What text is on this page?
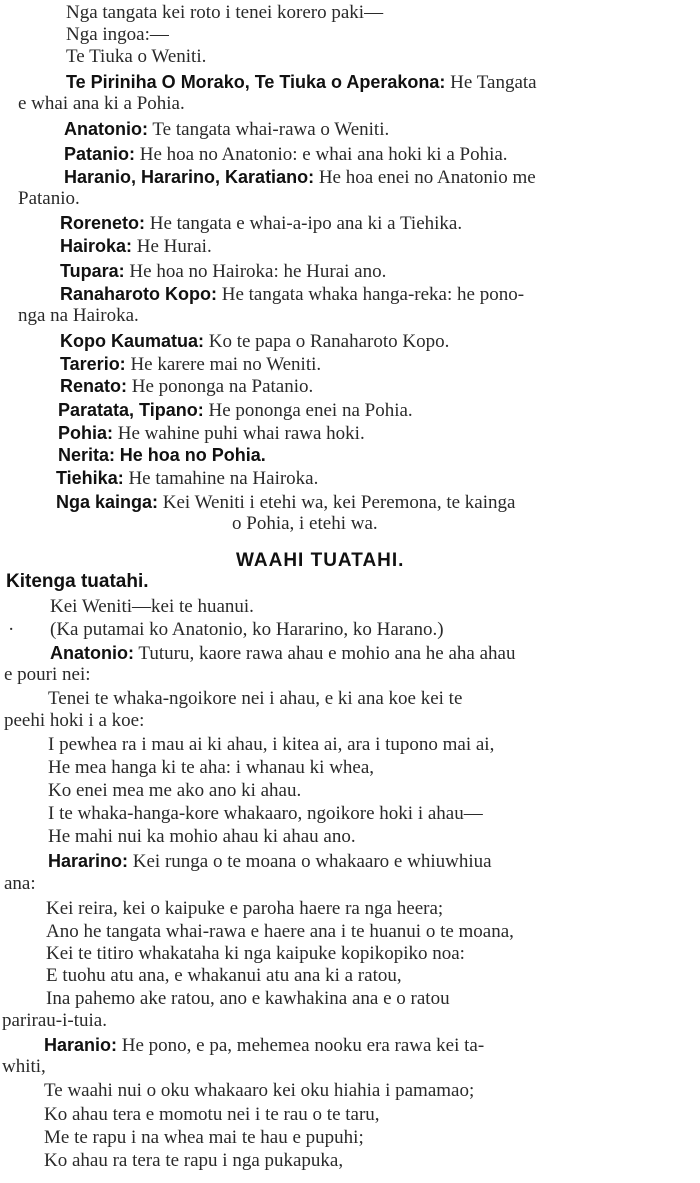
Nga tangata kei roto i tenei korero paki—
Nga ingoa:—
Te Tiuka o Weniti.
Te Piriniha O Morako, Te Tiuka o Aperakona: He Tangata
e whai ana ki a Pohia.
Anatonio: Te tangata whai-rawa o Weniti.
Patanio: He hoa no Anatonio: e whai ana hoki ki a Pohia.
Haranio, Hararino, Karatiano: He hoa enei no Anatonio me
Patanio.
Roreneto: He tangata e whai-a-ipo ana ki a Tiehika.
Hairoka: He Hurai.
Tupara: He hoa no Hairoka: he Hurai ano.
Ranaharoto Kopo: He tangata whaka hanga-reka: he pono-
nga na Hairoka.
Kopo Kaumatua: Ko te papa o Ranaharoto Kopo.
Tarerio: He karere mai no Weniti.
Renato: He ponongа na Patanio.
Paratata, Tipano: He pononga enei na Pohia.
Pohia: He wahine puhi whai rawa hoki.
Nerita: He hoa no Pohia.
Tiehika: He tamahine na Hairoka.
Nga kainga: Kei Weniti i etehi wa, kei Peremona, te kainga
o Pohia, i etehi wa.
WAAHI TUATAHI.
Kitenga tuatahi.
Kei Weniti—kei te huanui.
· (Ka putamai ko Anatonio, ko Hararino, ko Harano.)
Anatonio: Tuturu, kaore rawa ahau e mohio ana he aha ahau
e pouri nei:
Tenei te whaka-ngoikore nei i ahau, e ki ana koe kei te
peehi hoki i a koe:
I pewhea ra i mau ai ki ahau, i kitea ai, ara i tupono mai ai,
He mea hanga ki te aha: i whanau ki whea,
Ko enei mea me ako ano ki ahau.
I te whaka-hanga-kore whakaaro, ngoikore hoki i ahau—
He mahi nui ka mohio ahau ki ahau ano.
Hararino: Kei runga o te moana o whakaaro e whiuwhiua
ana:
Kei reira, kei o kaipuke e paroha haere ra nga heera;
Ano he tangata whai-rawa e haere ana i te huanui o te moana,
Kei te titiro whakataha ki nga kaipuke kopikopiko noa:
E tuohu atu ana, e whakanui atu ana ki a ratou,
Ina pahemo ake ratou, ano e kawhakina ana e o ratou
parirau-i-tuia.
Haranio: He pono, e pa, mehemea nooku era rawa kei ta-
whiti,
Te waahi nui o oku whakaaro kei oku hiahia i pamamao;
Ko ahau tera e momotu nei i te rau o te taru,
Me te rapu i na whea mai te hau e pupuhi;
Ko ahau ra tera te rapu i nga pukapuka,
